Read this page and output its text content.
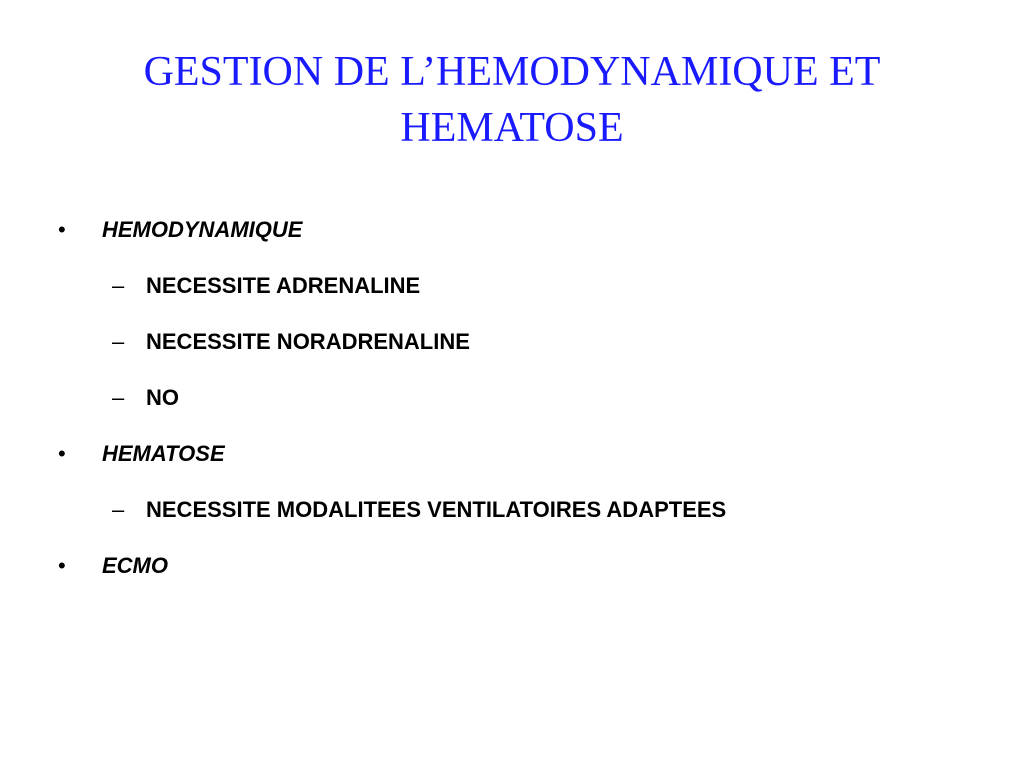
GESTION DE L’HEMODYNAMIQUE ET
HEMATOSE
• HEMODYNAMIQUE
– NECESSITE ADRENALINE
– NECESSITE NORADRENALINE
– NO
• HEMATOSE
– NECESSITE MODALITEES VENTILATOIRES ADAPTEES
• ECMO
